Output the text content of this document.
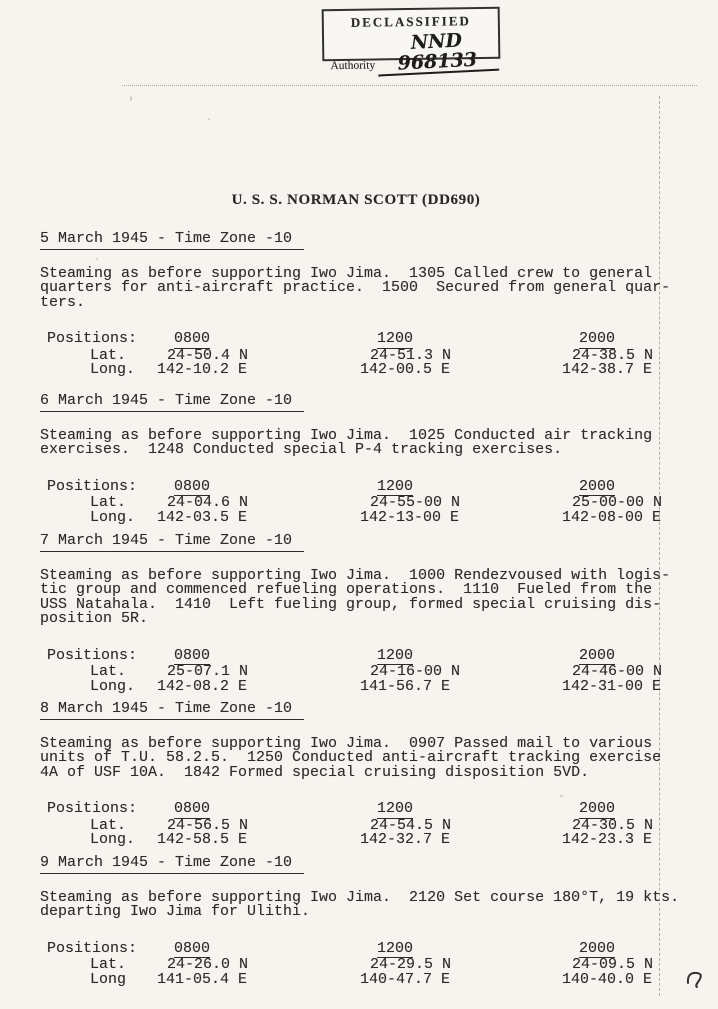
DECLASSIFIED
Authority
NND 968133
U. S. S. NORMAN SCOTT (DD690)
5 March 1945 - Time Zone -10
Steaming as before supporting Iwo Jima.  1305 Called crew to general
quarters for anti-aircraft practice.  1500  Secured from general quar-
ters.
Positions:	0800	1200	2000
Lat.	24-50.4 N	24-51.3 N	24-38.5 N
Long.	142-10.2 E	142-00.5 E	142-38.7 E
6 March 1945 - Time Zone -10
Steaming as before supporting Iwo Jima.  1025 Conducted air tracking
exercises.  1248 Conducted special P-4 tracking exercises.
Positions:	0800	1200	2000
Lat.	24-04.6 N	24-55-00 N	25-00-00 N
Long.	142-03.5 E	142-13-00 E	142-08-00 E
7 March 1945 - Time Zone -10
Steaming as before supporting Iwo Jima.  1000 Rendezvoused with logis-
tic group and commenced refueling operations.  1110  Fueled from the
USS Natahala.  1410  Left fueling group, formed special cruising dis-
position 5R.
Positions:	0800	1200	2000
Lat.	25-07.1 N	24-16-00 N	24-46-00 N
Long.	142-08.2 E	141-56.7 E	142-31-00 E
8 March 1945 - Time Zone -10
Steaming as before supporting Iwo Jima.  0907 Passed mail to various
units of T.U. 58.2.5.  1250 Conducted anti-aircraft tracking exercise
4A of USF 10A.  1842 Formed special cruising disposition 5VD.
Positions:	0800	1200	2000
Lat.	24-56.5 N	24-54.5 N	24-30.5 N
Long.	142-58.5 E	142-32.7 E	142-23.3 E
9 March 1945 - Time Zone -10
Steaming as before supporting Iwo Jima.  2120 Set course 180°T, 19 kts.
departing Iwo Jima for Ulithi.
Positions:	0800	1200	2000
Lat.	24-26.0 N	24-29.5 N	24-09.5 N
Long	141-05.4 E	140-47.7 E	140-40.0 E
